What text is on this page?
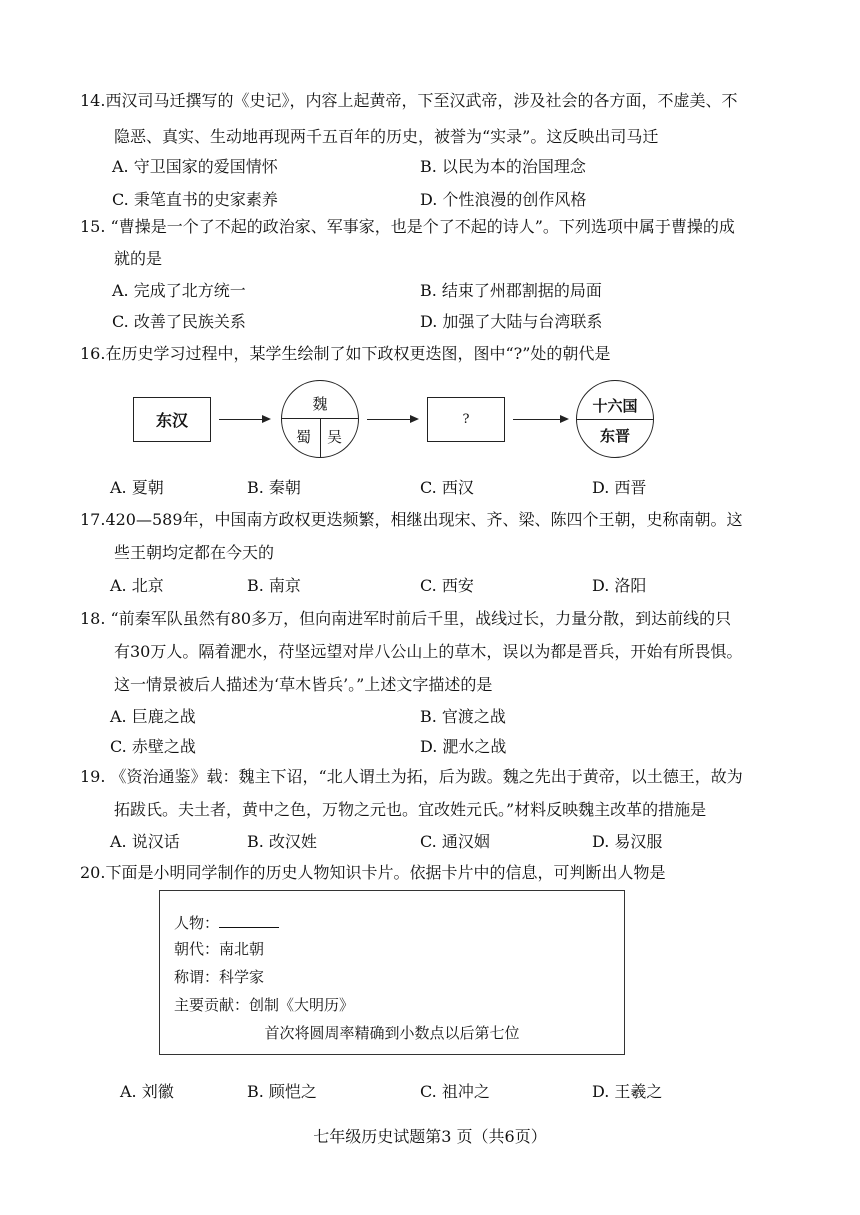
14.西汉司马迁撰写的《史记》，内容上起黄帝，下至汉武帝，涉及社会的各方面，不虚美、不
隐恶、真实、生动地再现两千五百年的历史，被誉为“实录”。这反映出司马迁
A. 守卫国家的爱国情怀	B. 以民为本的治国理念
C. 秉笔直书的史家素养	D. 个性浪漫的创作风格
15. “曹操是一个了不起的政治家、军事家，也是个了不起的诗人”。下列选项中属于曹操的成
就的是
A. 完成了北方统一	B. 结束了州郡割据的局面
C. 改善了民族关系	D. 加强了大陆与台湾联系
16.在历史学习过程中，某学生绘制了如下政权更迭图，图中“?”处的朝代是
东汉
魏
蜀 吴
?
十六国
东晋
A. 夏朝	B. 秦朝	C. 西汉	D. 西晋
17.420—589年，中国南方政权更迭频繁，相继出现宋、齐、梁、陈四个王朝，史称南朝。这
些王朝均定都在今天的
A. 北京	B. 南京	C. 西安	D. 洛阳
18. “前秦军队虽然有80多万，但向南进军时前后千里，战线过长，力量分散，到达前线的只
有30万人。隔着淝水，苻坚远望对岸八公山上的草木，误以为都是晋兵，开始有所畏惧。
这一情景被后人描述为‘草木皆兵’。”上述文字描述的是
A. 巨鹿之战	B. 官渡之战
C. 赤壁之战	D. 淝水之战
19. 《资治通鉴》载：魏主下诏，“北人谓土为拓，后为跋。魏之先出于黄帝，以土德王，故为
拓跋氏。夫土者，黄中之色，万物之元也。宜改姓元氏。”材料反映魏主改革的措施是
A. 说汉话	B. 改汉姓	C. 通汉姻	D. 易汉服
20.下面是小明同学制作的历史人物知识卡片。依据卡片中的信息，可判断出人物是
人物：
朝代：南北朝
称谓：科学家
主要贡献：创制《大明历》
首次将圆周率精确到小数点以后第七位
A. 刘徽	B. 顾恺之	C. 祖冲之	D. 王羲之
七年级历史试题第3 页（共6页）
